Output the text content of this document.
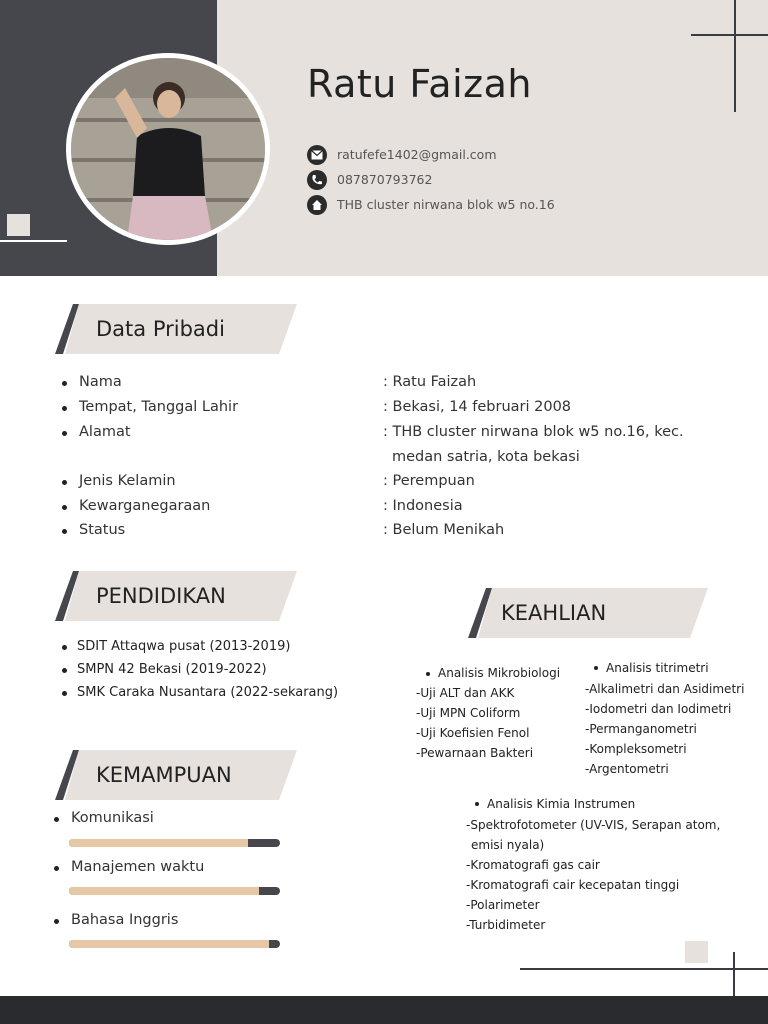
Ratu Faizah
ratufefe1402@gmail.com
087870793762
THB cluster nirwana blok w5 no.16
Data Pribadi
Nama	: Ratu Faizah
Tempat, Tanggal Lahir	: Bekasi, 14 februari 2008
Alamat	: THB cluster nirwana blok w5 no.16, kec.
medan satria, kota bekasi
Jenis Kelamin	: Perempuan
Kewarganegaraan	: Indonesia
Status	: Belum Menikah
PENDIDIKAN
SDIT Attaqwa pusat (2013-2019)
SMPN 42 Bekasi (2019-2022)
SMK Caraka Nusantara (2022-sekarang)
KEMAMPUAN
Komunikasi
Manajemen waktu
Bahasa Inggris
KEAHLIAN
Analisis Mikrobiologi
-Uji ALT dan AKK
-Uji MPN Coliform
-Uji Koefisien Fenol
-Pewarnaan Bakteri
Analisis titrimetri
-Alkalimetri dan Asidimetri
-Iodometri dan Iodimetri
-Permanganometri
-Kompleksometri
-Argentometri
Analisis Kimia Instrumen
-Spektrofotometer (UV-VIS, Serapan atom,
emisi nyala)
-Kromatografi gas cair
-Kromatografi cair kecepatan tinggi
-Polarimeter
-Turbidimeter
